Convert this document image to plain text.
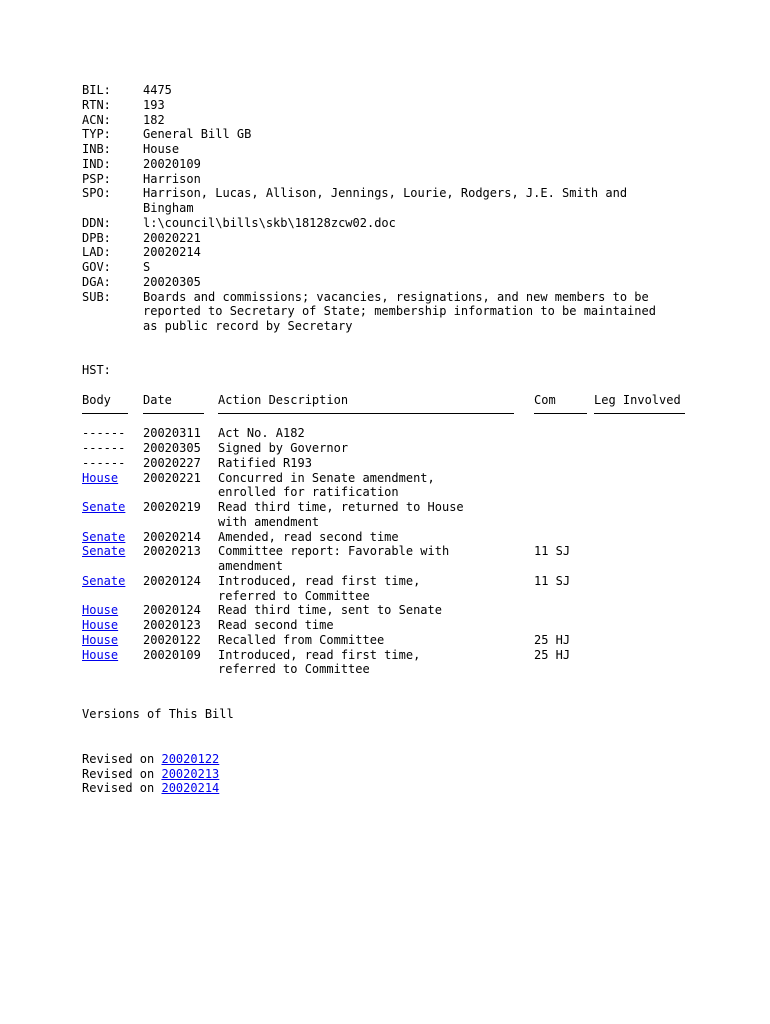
BIL:	4475
RTN:	193
ACN:	182
TYP:	General Bill GB
INB:	House
IND:	20020109
PSP:	Harrison
SPO:	Harrison, Lucas, Allison, Jennings, Lourie, Rodgers, J.E. Smith and
Bingham
DDN:	l:\council\bills\skb\18128zcw02.doc
DPB:	20020221
LAD:	20020214
GOV:	S
DGA:	20020305
SUB:	Boards and commissions; vacancies, resignations, and new members to be
reported to Secretary of State; membership information to be maintained
as public record by Secretary
HST:
Body	Date	Action Description	Com	Leg Involved

------	20020311	Act No. A182		
------	20020305	Signed by Governor		
------	20020227	Ratified R193		
House	20020221	Concurred in Senate amendment,
enrolled for ratification		
Senate	20020219	Read third time, returned to House
with amendment		
Senate	20020214	Amended, read second time		
Senate	20020213	Committee report: Favorable with
amendment	11 SJ	
Senate	20020124	Introduced, read first time,
referred to Committee	11 SJ	
House	20020124	Read third time, sent to Senate		
House	20020123	Read second time		
House	20020122	Recalled from Committee	25 HJ	
House	20020109	Introduced, read first time,
referred to Committee	25 HJ	
Versions of This Bill
Revised on 20020122
Revised on 20020213
Revised on 20020214
